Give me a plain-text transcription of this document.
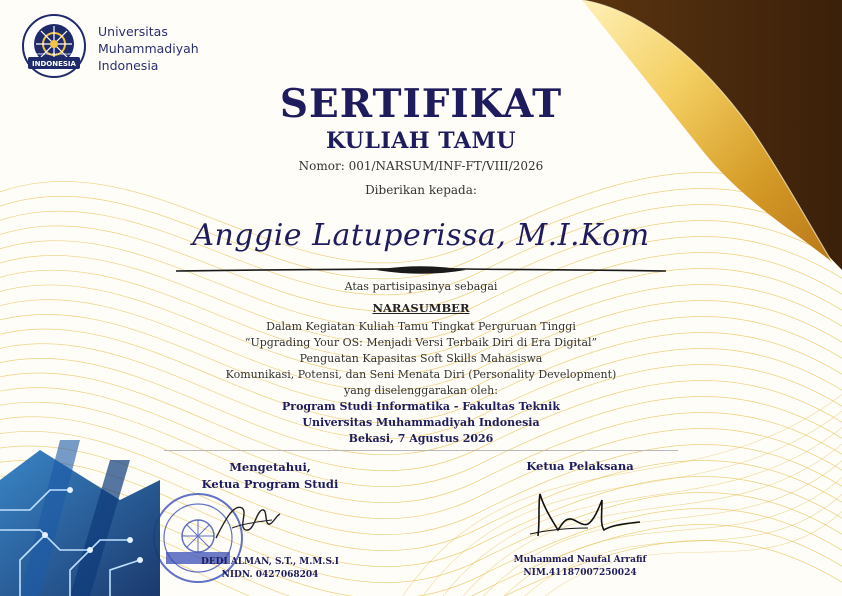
INDONESIA
UNIVERSITAS MUHAMMADIYAH
Universitas
Muhammadiyah
Indonesia
SERTIFIKAT
KULIAH TAMU
Nomor: 001/NARSUM/INF-FT/VIII/2026
Diberikan kepada:
Anggie Latuperissa, M.I.Kom
Atas partisipasinya sebagai
NARASUMBER
Dalam Kegiatan Kuliah Tamu Tingkat Perguruan Tinggi
“Upgrading Your OS: Menjadi Versi Terbaik Diri di Era Digital”
Penguatan Kapasitas Soft Skills Mahasiswa
Komunikasi, Potensi, dan Seni Menata Diri (Personality Development)
yang diselenggarakan oleh:
Program Studi Informatika - Fakultas Teknik
Universitas Muhammadiyah Indonesia
Bekasi, 7 Agustus 2026
Mengetahui,
Ketua Program Studi
Ketua Pelaksana
DEDI ALMAN, S.T., M.M.S.I
NIDN. 0427068204
Muhammad Naufal Arrafif
NIM.41187007250024
